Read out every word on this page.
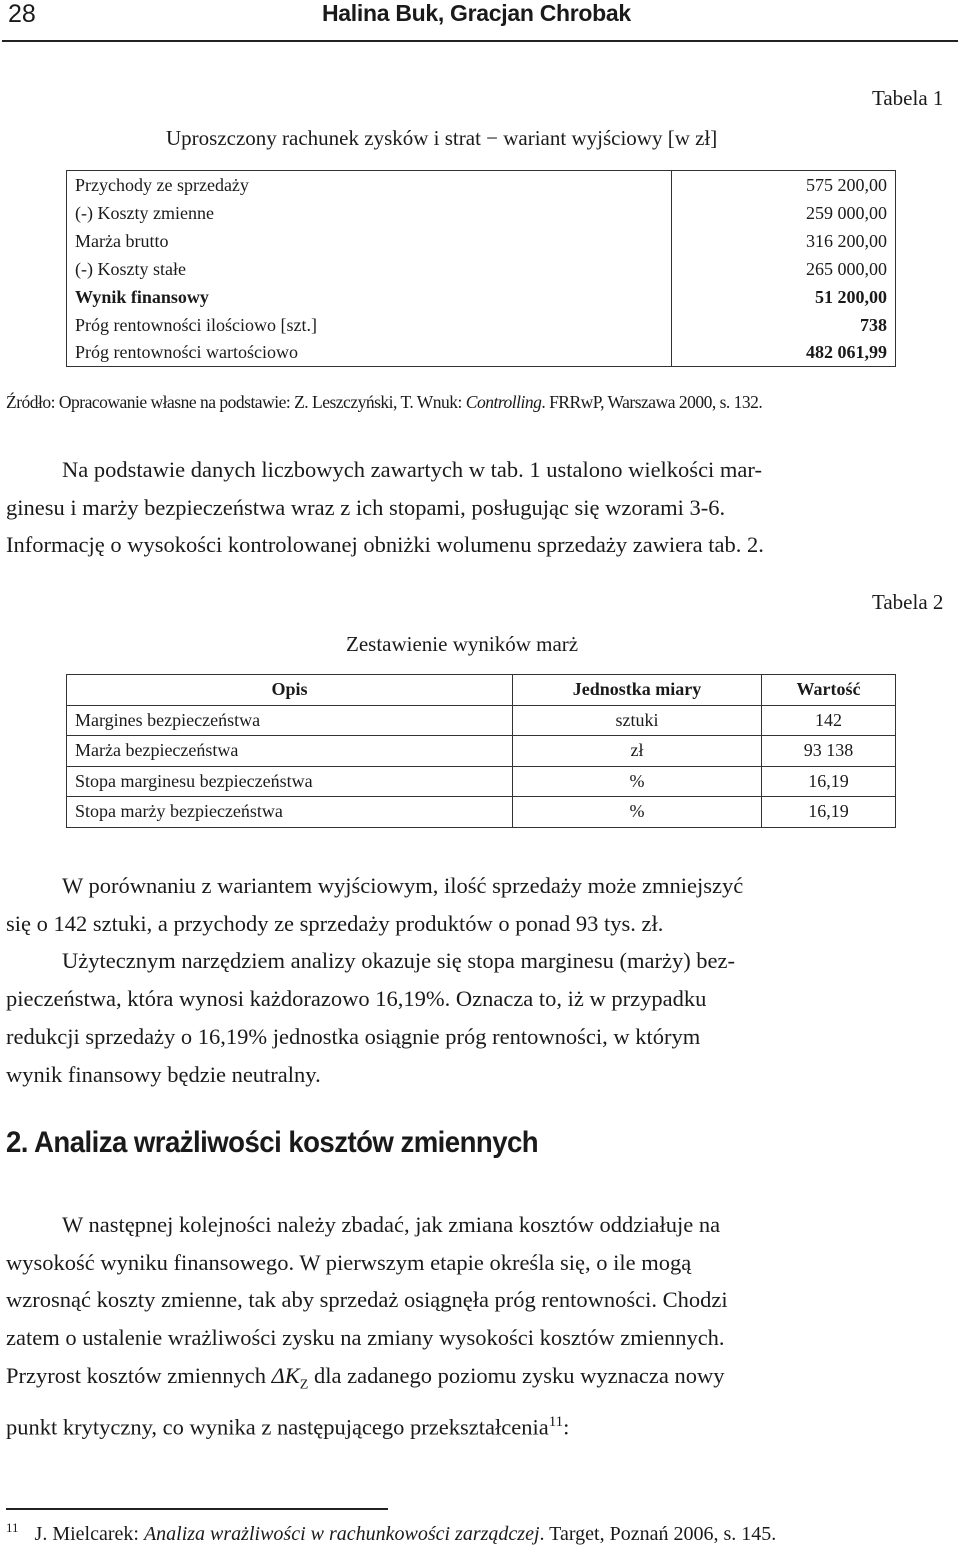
28	Halina Buk, Gracjan Chrobak
Tabela 1
Uproszczony rachunek zysków i strat − wariant wyjściowy [w zł]
Przychody ze sprzedaży	575 200,00
(-) Koszty zmienne	259 000,00
Marża brutto	316 200,00
(-) Koszty stałe	265 000,00
Wynik finansowy	51 200,00
Próg rentowności ilościowo [szt.]	738
Próg rentowności wartościowo	482 061,99
Źródło: Opracowanie własne na podstawie: Z. Leszczyński, T. Wnuk: Controlling. FRRwP, Warszawa 2000, s. 132.
Na podstawie danych liczbowych zawartych w tab. 1 ustalono wielkości mar-
ginesu i marży bezpieczeństwa wraz z ich stopami, posługując się wzorami 3-6.
Informację o wysokości kontrolowanej obniżki wolumenu sprzedaży zawiera tab. 2.
Tabela 2
Zestawienie wyników marż
Opis	Jednostka miary	Wartość
Margines bezpieczeństwa	sztuki	142
Marża bezpieczeństwa	zł	93 138
Stopa marginesu bezpieczeństwa	%	16,19
Stopa marży bezpieczeństwa	%	16,19
W porównaniu z wariantem wyjściowym, ilość sprzedaży może zmniejszyć
się o 142 sztuki, a przychody ze sprzedaży produktów o ponad 93 tys. zł.
Użytecznym narzędziem analizy okazuje się stopa marginesu (marży) bez-
pieczeństwa, która wynosi każdorazowo 16,19%. Oznacza to, iż w przypadku
redukcji sprzedaży o 16,19% jednostka osiągnie próg rentowności, w którym
wynik finansowy będzie neutralny.
2. Analiza wrażliwości kosztów zmiennych
W następnej kolejności należy zbadać, jak zmiana kosztów oddziałuje na
wysokość wyniku finansowego. W pierwszym etapie określa się, o ile mogą
wzrosnąć koszty zmienne, tak aby sprzedaż osiągnęła próg rentowności. Chodzi
zatem o ustalenie wrażliwości zysku na zmiany wysokości kosztów zmiennych.
Przyrost kosztów zmiennych $\Delta K_Z$ dla zadanego poziomu zysku wyznacza nowy
punkt krytyczny, co wynika z następującego przekształcenia$^{11}$:
$^{11}$ J. Mielcarek: Analiza wrażliwości w rachunkowości zarządczej. Target, Poznań 2006, s. 145.
